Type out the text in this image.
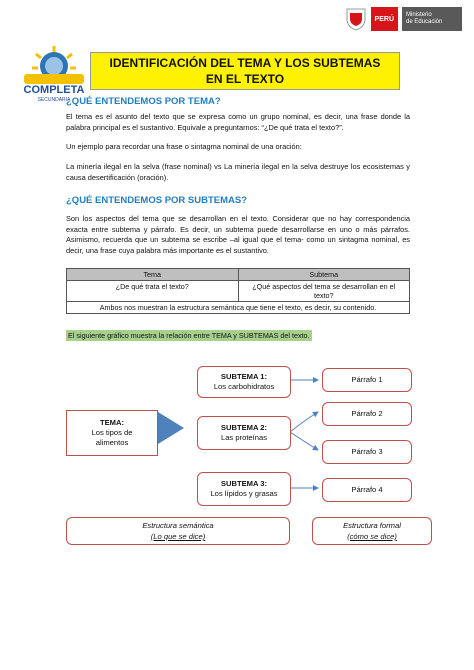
COMPLETA
SECUNDARIA
PERÚ
Ministerio
de Educación
IDENTIFICACIÓN DEL TEMA Y LOS SUBTEMAS EN EL TEXTO
¿QUÉ ENTENDEMOS POR TEMA?
El tema es el asunto del texto que se expresa como un grupo nominal, es decir, una frase donde la palabra principal es el sustantivo. Equivale a preguntarnos: “¿De qué trata el texto?”.
Un ejemplo para recordar una frase o sintagma nominal de una oración:
La minería ilegal en la selva (frase nominal) vs La minería ilegal en la selva destruye los ecosistemas y causa desertificación (oración).
¿QUÉ ENTENDEMOS POR SUBTEMAS?
Son los aspectos del tema que se desarrollan en el texto. Considerar que no hay correspondencia exacta entre subtema y párrafo. Es decir, un subtema puede desarrollarse en uno o más párrafos. Asimismo, recuerda que un subtema se escribe –al igual que el tema- como un sintagma nominal, es decir, una frase cuya palabra más importante es el sustantivo.
Tema	Subtema
¿De qué trata el texto?	¿Qué aspectos del tema se desarrollan en el texto?
Ambos nos muestran la estructura semántica que tiene el texto, es decir, su contenido.	
El siguiente gráfico muestra la relación entre TEMA y SUBTEMAS del texto.
TEMA:
Los tipos de alimentos
SUBTEMA 1:
Los carbohidratos
SUBTEMA 2:
Las proteínas
SUBTEMA 3:
Los lípidos y grasas
Párrafo 1
Párrafo 2
Párrafo 3
Párrafo 4
Estructura semántica
(Lo que se dice)
Estructura formal
(cómo se dice)
